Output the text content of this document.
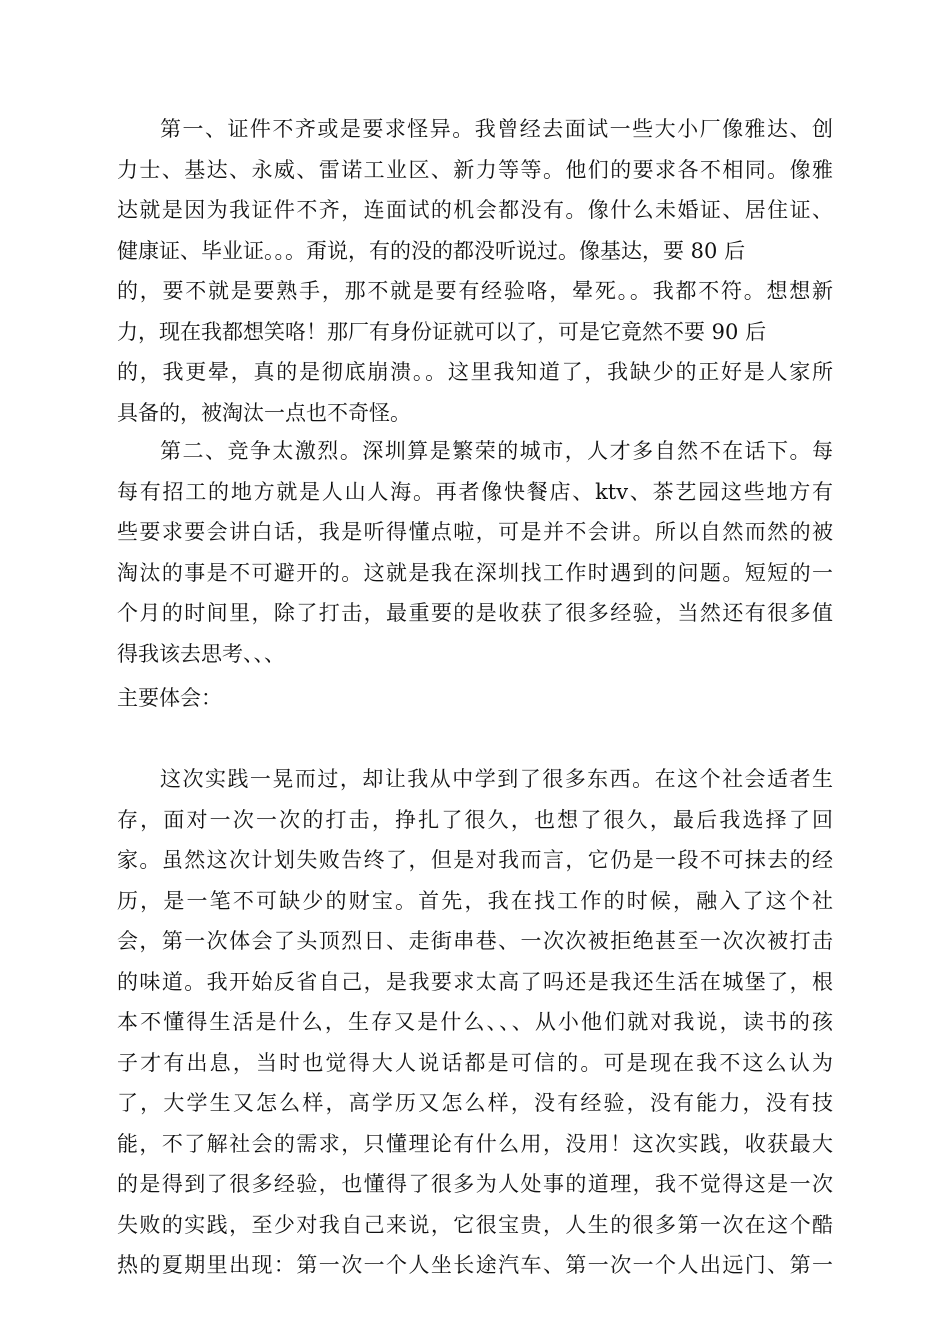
第一、证件不齐或是要求怪异。我曾经去面试一些大小厂像雅达、创
力士、基达、永威、雷诺工业区、新力等等。他们的要求各不相同。像雅
达就是因为我证件不齐，连面试的机会都没有。像什么未婚证、居住证、
健康证、毕业证。。。甭说，有的没的都没听说过。像基达，要 80 后
的，要不就是要熟手，那不就是要有经验咯，晕死。。我都不符。想想新
力，现在我都想笑咯！那厂有身份证就可以了，可是它竟然不要 90 后
的，我更晕，真的是彻底崩溃。。这里我知道了，我缺少的正好是人家所
具备的，被淘汰一点也不奇怪。
第二、竞争太激烈。深圳算是繁荣的城市，人才多自然不在话下。每
每有招工的地方就是人山人海。再者像快餐店、ktv、茶艺园这些地方有
些要求要会讲白话，我是听得懂点啦，可是并不会讲。所以自然而然的被
淘汰的事是不可避开的。这就是我在深圳找工作时遇到的问题。短短的一
个月的时间里，除了打击，最重要的是收获了很多经验，当然还有很多值
得我该去思考、、、
主要体会：
这次实践一晃而过，却让我从中学到了很多东西。在这个社会适者生
存，面对一次一次的打击，挣扎了很久，也想了很久，最后我选择了回
家。虽然这次计划失败告终了，但是对我而言，它仍是一段不可抹去的经
历，是一笔不可缺少的财宝。首先，我在找工作的时候，融入了这个社
会，第一次体会了头顶烈日、走街串巷、一次次被拒绝甚至一次次被打击
的味道。我开始反省自己，是我要求太高了吗还是我还生活在城堡了，根
本不懂得生活是什么，生存又是什么、、、从小他们就对我说，读书的孩
子才有出息，当时也觉得大人说话都是可信的。可是现在我不这么认为
了，大学生又怎么样，高学历又怎么样，没有经验，没有能力，没有技
能，不了解社会的需求，只懂理论有什么用，没用！这次实践，收获最大
的是得到了很多经验，也懂得了很多为人处事的道理，我不觉得这是一次
失败的实践，至少对我自己来说，它很宝贵，人生的很多第一次在这个酷
热的夏期里出现：第一次一个人坐长途汽车、第一次一个人出远门、第一
